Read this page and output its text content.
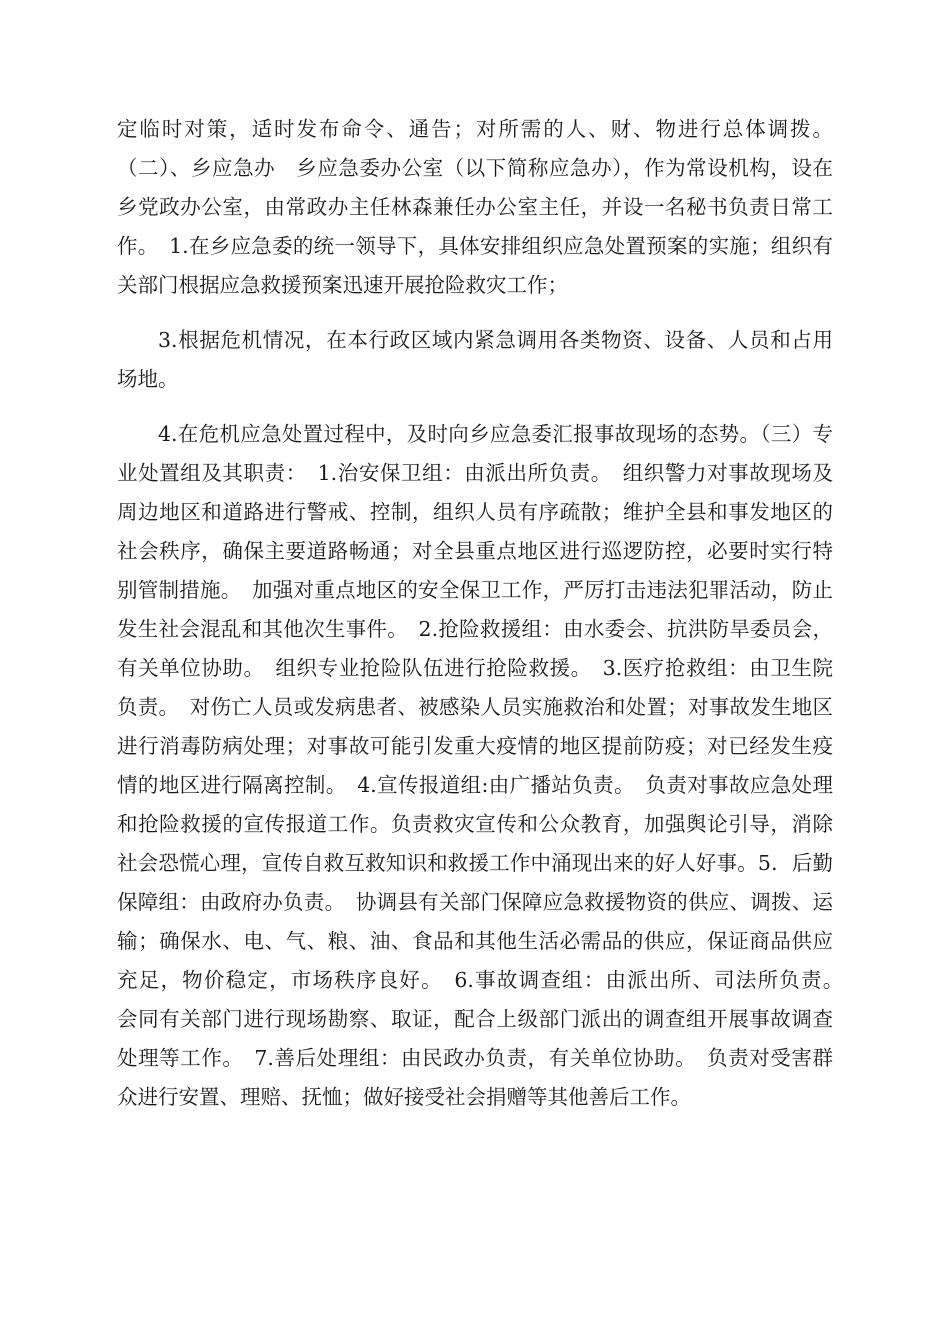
定临时对策，适时发布命令、通告；对所需的人、财、物进行总体调拨。（二）、乡应急办　乡应急委办公室（以下简称应急办），作为常设机构，设在乡党政办公室，由常政办主任林森兼任办公室主任，并设一名秘书负责日常工作。　1.在乡应急委的统一领导下，具体安排组织应急处置预案的实施；组织有关部门根据应急救援预案迅速开展抢险救灾工作；

3.根据危机情况，在本行政区域内紧急调用各类物资、设备、人员和占用场地。

4.在危机应急处置过程中，及时向乡应急委汇报事故现场的态势。（三）专业处置组及其职责：　1.治安保卫组：由派出所负责。　组织警力对事故现场及周边地区和道路进行警戒、控制，组织人员有序疏散；维护全县和事发地区的社会秩序，确保主要道路畅通；对全县重点地区进行巡逻防控，必要时实行特别管制措施。　加强对重点地区的安全保卫工作，严厉打击违法犯罪活动，防止发生社会混乱和其他次生事件。　2.抢险救援组：由水委会、抗洪防旱委员会，有关单位协助。　组织专业抢险队伍进行抢险救援。　3.医疗抢救组：由卫生院负责。　对伤亡人员或发病患者、被感染人员实施救治和处置；对事故发生地区进行消毒防病处理；对事故可能引发重大疫情的地区提前防疫；对已经发生疫情的地区进行隔离控制。　4.宣传报道组:由广播站负责。　负责对事故应急处理和抢险救援的宣传报道工作。负责救灾宣传和公众教育，加强舆论引导，消除社会恐慌心理，宣传自救互救知识和救援工作中涌现出来的好人好事。5．后勤保障组：由政府办负责。　协调县有关部门保障应急救援物资的供应、调拨、运输；确保水、电、气、粮、油、食品和其他生活必需品的供应，保证商品供应充足，物价稳定，市场秩序良好。　6.事故调查组：由派出所、司法所负责。　会同有关部门进行现场勘察、取证，配合上级部门派出的调查组开展事故调查处理等工作。　7.善后处理组：由民政办负责，有关单位协助。　负责对受害群众进行安置、理赔、抚恤；做好接受社会捐赠等其他善后工作。
